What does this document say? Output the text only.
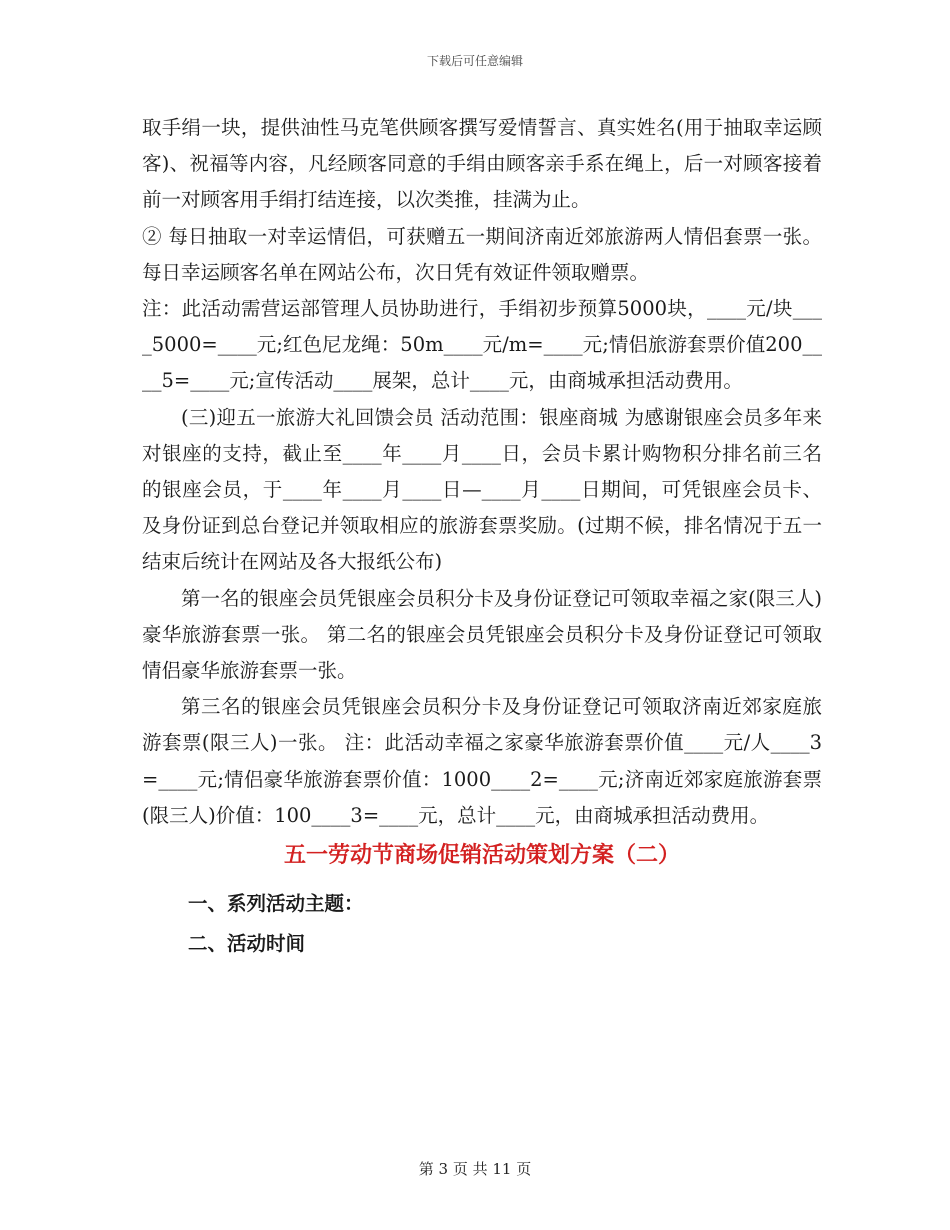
下载后可任意编辑

取手绢一块，提供油性马克笔供顾客撰写爱情誓言、真实姓名(用于抽取幸运顾客)、祝福等内容，凡经顾客同意的手绢由顾客亲手系在绳上，后一对顾客接着前一对顾客用手绢打结连接，以次类推，挂满为止。

② 每日抽取一对幸运情侣，可获赠五一期间济南近郊旅游两人情侣套票一张。每日幸运顾客名单在网站公布，次日凭有效证件领取赠票。

注：此活动需营运部管理人员协助进行，手绢初步预算5000块，____元/块____5000=____元;红色尼龙绳：50m____元/m=____元;情侣旅游套票价值200____5=____元;宣传活动____展架，总计____元，由商城承担活动费用。

(三)迎五一旅游大礼回馈会员 活动范围：银座商城 为感谢银座会员多年来对银座的支持，截止至____年____月____日，会员卡累计购物积分排名前三名的银座会员，于____年____月____日—____月____日期间，可凭银座会员卡、及身份证到总台登记并领取相应的旅游套票奖励。(过期不候，排名情况于五一结束后统计在网站及各大报纸公布)

第一名的银座会员凭银座会员积分卡及身份证登记可领取幸福之家(限三人)豪华旅游套票一张。 第二名的银座会员凭银座会员积分卡及身份证登记可领取情侣豪华旅游套票一张。

第三名的银座会员凭银座会员积分卡及身份证登记可领取济南近郊家庭旅游套票(限三人)一张。 注：此活动幸福之家豪华旅游套票价值____元/人____3=____元;情侣豪华旅游套票价值：1000____2=____元;济南近郊家庭旅游套票(限三人)价值：100____3=____元，总计____元，由商城承担活动费用。

五一劳动节商场促销活动策划方案（二）
一、系列活动主题：
二、活动时间
第 3 页 共 11 页
